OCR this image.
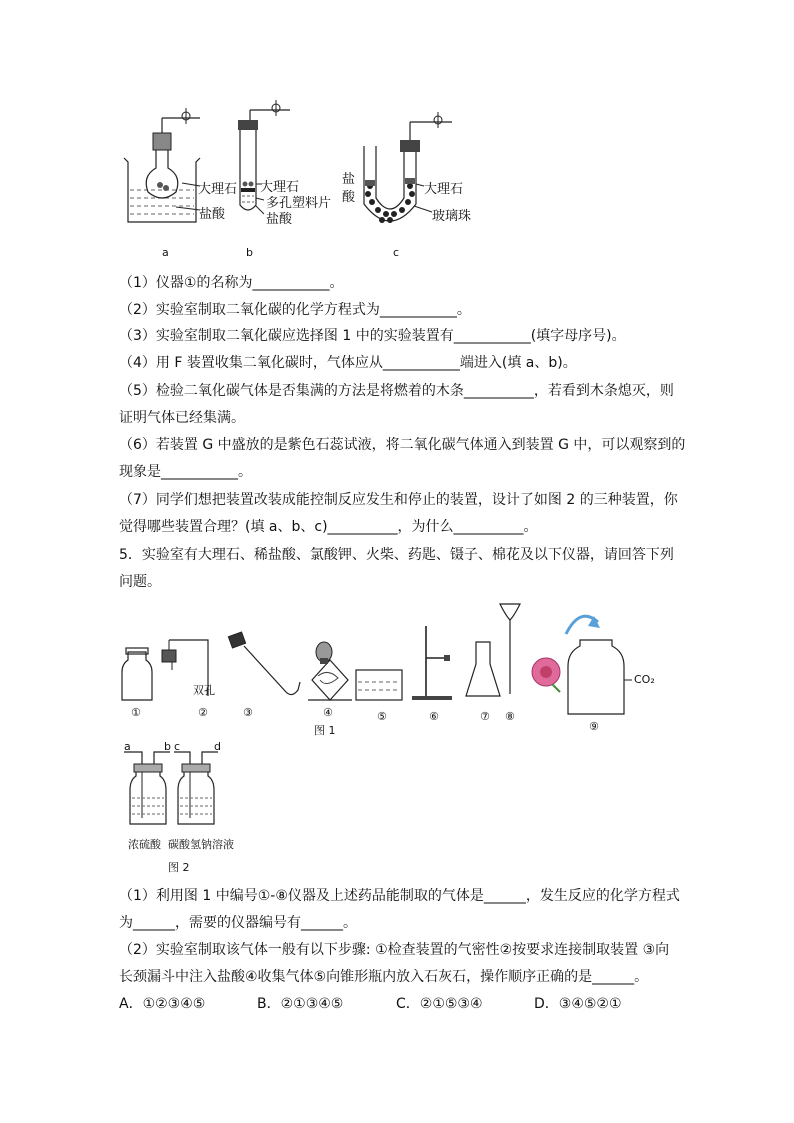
大理石
盐酸
大理石
多孔塑料片
盐酸
盐
酸
大理石
玻璃珠
a	b	c
（1）仪器①的名称为___________。
（2）实验室制取二氧化碳的化学方程式为___________。
（3）实验室制取二氧化碳应选择图 1 中的实验装置有___________(填字母序号)。
（4）用 F 装置收集二氧化碳时，气体应从___________端进入(填 a、b)。
（5）检验二氧化碳气体是否集满的方法是将燃着的木条__________，若看到木条熄灭，则
证明气体已经集满。
（6）若装置 G 中盛放的是紫色石蕊试液，将二氧化碳气体通入到装置 G 中，可以观察到的
现象是___________。
（7）同学们想把装置改装成能控制反应发生和停止的装置，设计了如图 2 的三种装置，你
觉得哪些装置合理？(填 a、b、c)__________，为什么__________。
5．实验室有大理石、稀盐酸、氯酸钾、火柴、药匙、镊子、棉花及以下仪器，请回答下列
问题。
双孔
CO₂
①	②	③	④	⑤	⑥	⑦ ⑧
⑨
图 1
a	b c	d
浓硫酸 碳酸氢钠溶液
图 2
（1）利用图 1 中编号①-⑧仪器及上述药品能制取的气体是______，发生反应的化学方程式
为______，需要的仪器编号有______。
（2）实验室制取该气体一般有以下步骤: ①检查装置的气密性②按要求连接制取装置 ③向
长颈漏斗中注入盐酸④收集气体⑤向锥形瓶内放入石灰石，操作顺序正确的是______。
A．①②③④⑤	B．②①③④⑤	C．②①⑤③④	D．③④⑤②①
